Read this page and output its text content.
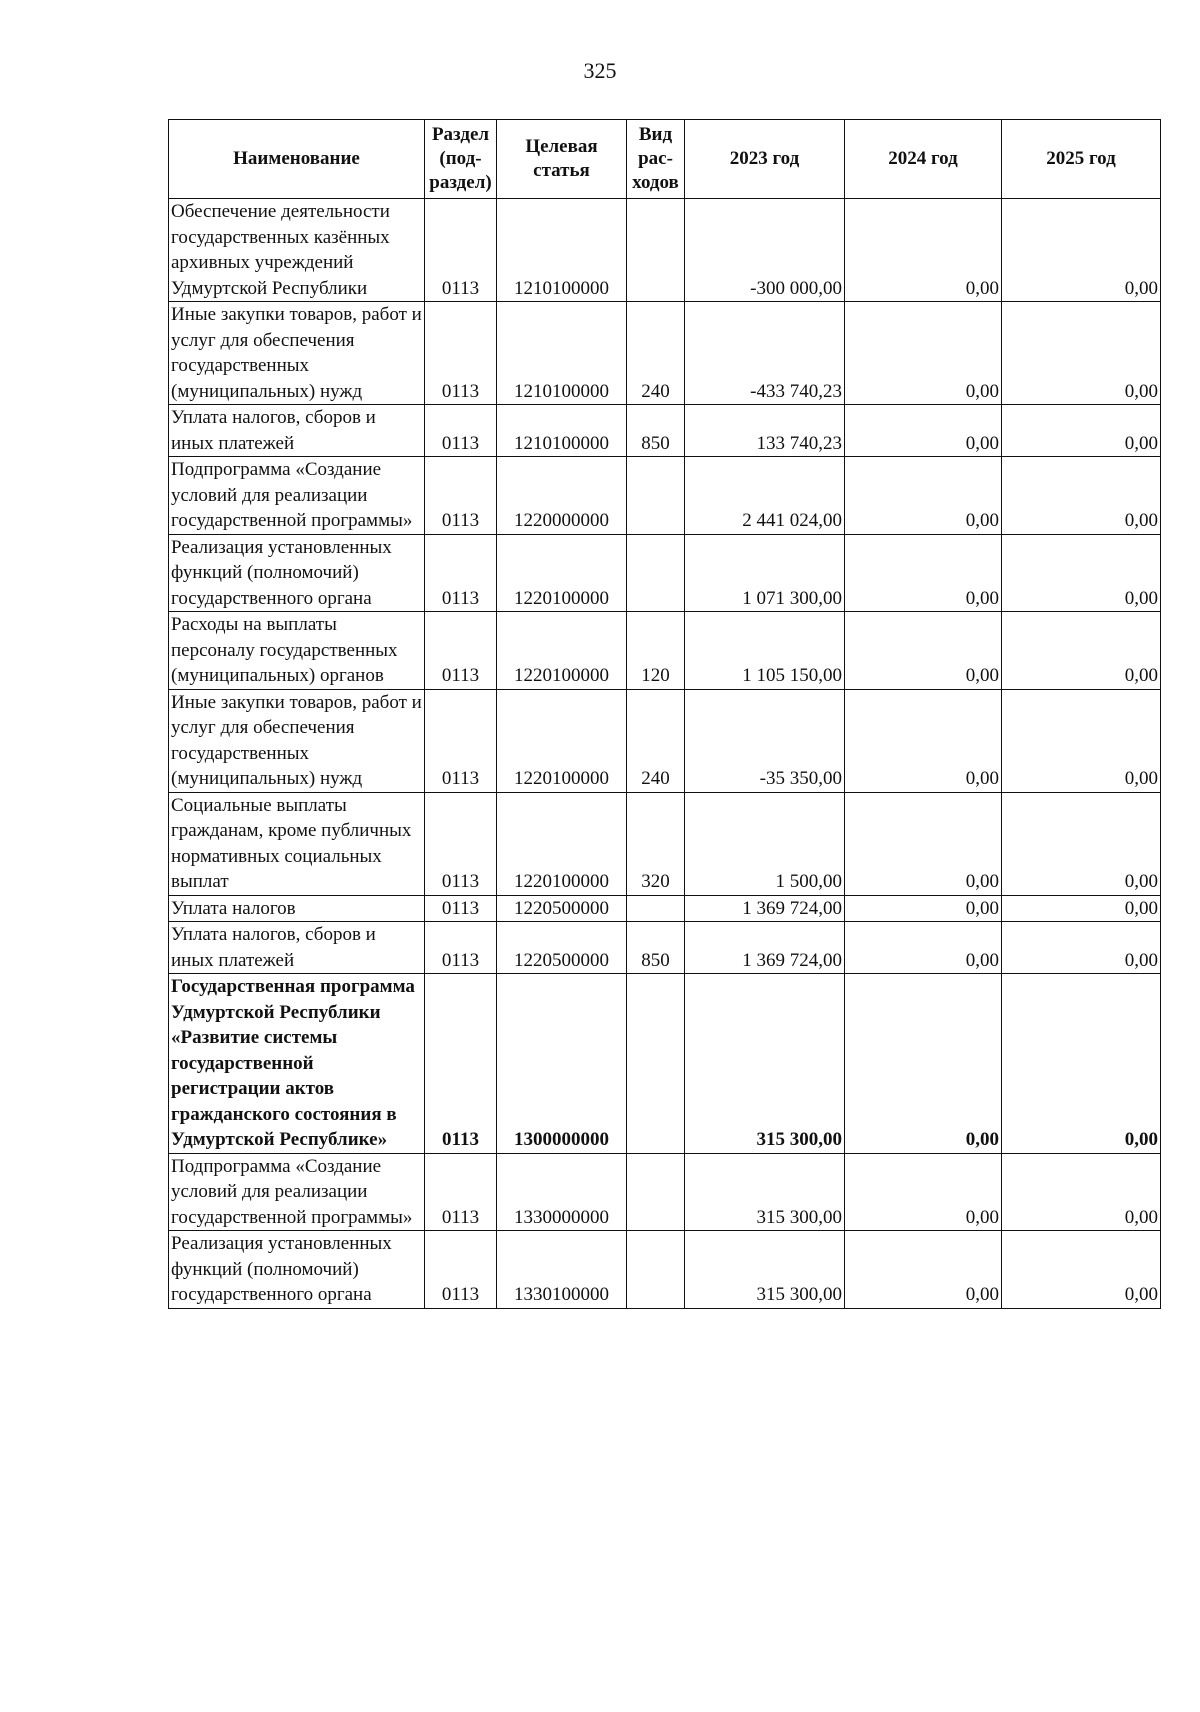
325
Наименование	Раздел (под-раздел)	Целевая статья	Вид рас-ходов	2023 год	2024 год	2025 год
Обеспечение деятельности государственных казённых архивных учреждений Удмуртской Республики	0113	1210100000		-300 000,00	0,00	0,00
Иные закупки товаров, работ и услуг для обеспечения государственных (муниципальных) нужд	0113	1210100000	240	-433 740,23	0,00	0,00
Уплата налогов, сборов и иных платежей	0113	1210100000	850	133 740,23	0,00	0,00
Подпрограмма «Создание условий для реализации государственной программы»	0113	1220000000		2 441 024,00	0,00	0,00
Реализация установленных функций (полномочий) государственного органа	0113	1220100000		1 071 300,00	0,00	0,00
Расходы на выплаты персоналу государственных (муниципальных) органов	0113	1220100000	120	1 105 150,00	0,00	0,00
Иные закупки товаров, работ и услуг для обеспечения государственных (муниципальных) нужд	0113	1220100000	240	-35 350,00	0,00	0,00
Социальные выплаты гражданам, кроме публичных нормативных социальных выплат	0113	1220100000	320	1 500,00	0,00	0,00
Уплата налогов	0113	1220500000		1 369 724,00	0,00	0,00
Уплата налогов, сборов и иных платежей	0113	1220500000	850	1 369 724,00	0,00	0,00
Государственная программа Удмуртской Республики «Развитие системы государственной регистрации актов гражданского состояния в Удмуртской Республике»	0113	1300000000		315 300,00	0,00	0,00
Подпрограмма «Создание условий для реализации государственной программы»	0113	1330000000		315 300,00	0,00	0,00
Реализация установленных функций (полномочий) государственного органа	0113	1330100000		315 300,00	0,00	0,00
